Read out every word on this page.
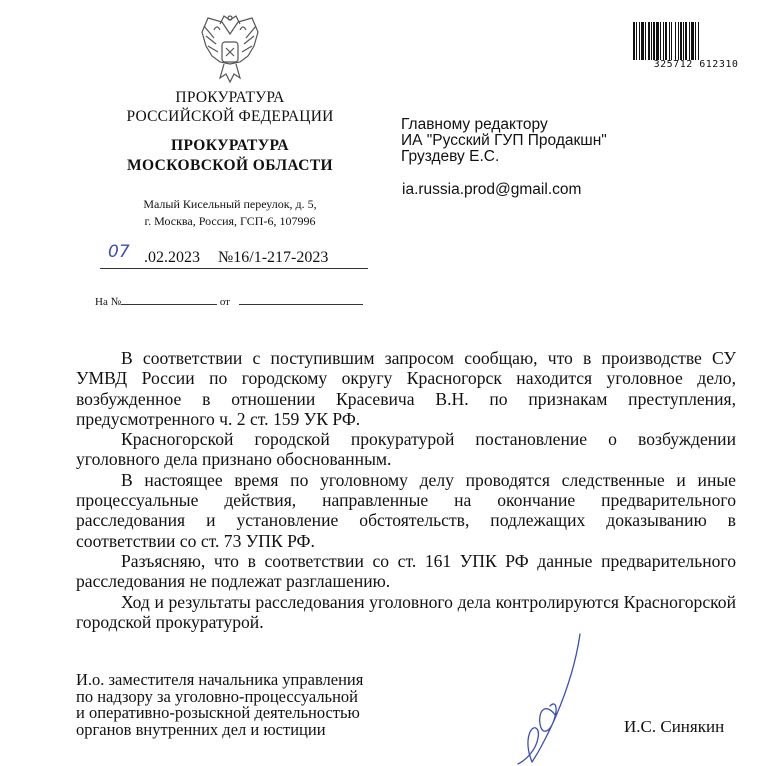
325712 612310
ПРОКУРАТУРА
РОССИЙСКОЙ ФЕДЕРАЦИИ
ПРОКУРАТУРА
МОСКОВСКОЙ ОБЛАСТИ
Малый Кисельный переулок, д. 5,
г. Москва, Россия, ГСП-6, 107996
07 .02.2023 №16/1-217-2023
На №	от
Главному редактору
ИА "Русский ГУП Продакшн"
Груздеву Е.С.
ia.russia.prod@gmail.com

В соответствии с поступившим запросом сообщаю, что в производстве СУ УМВД России по городскому округу Красногорск находится уголовное дело, возбужденное в отношении Красевича В.Н. по признакам преступления, предусмотренного ч. 2 ст. 159 УК РФ.

Красногорской городской прокуратурой постановление о возбуждении уголовного дела признано обоснованным.

В настоящее время по уголовному делу проводятся следственные и иные процессуальные действия, направленные на окончание предварительного расследования и установление обстоятельств, подлежащих доказыванию в соответствии со ст. 73 УПК РФ.

Разъясняю, что в соответствии со ст. 161 УПК РФ данные предварительного расследования не подлежат разглашению.

Ход и результаты расследования уголовного дела контролируются Красногорской городской прокуратурой.

И.о. заместителя начальника управления
по надзору за уголовно-процессуальной
и оперативно-розыскной деятельностью
органов внутренних дел и юстиции	И.С. Синякин
